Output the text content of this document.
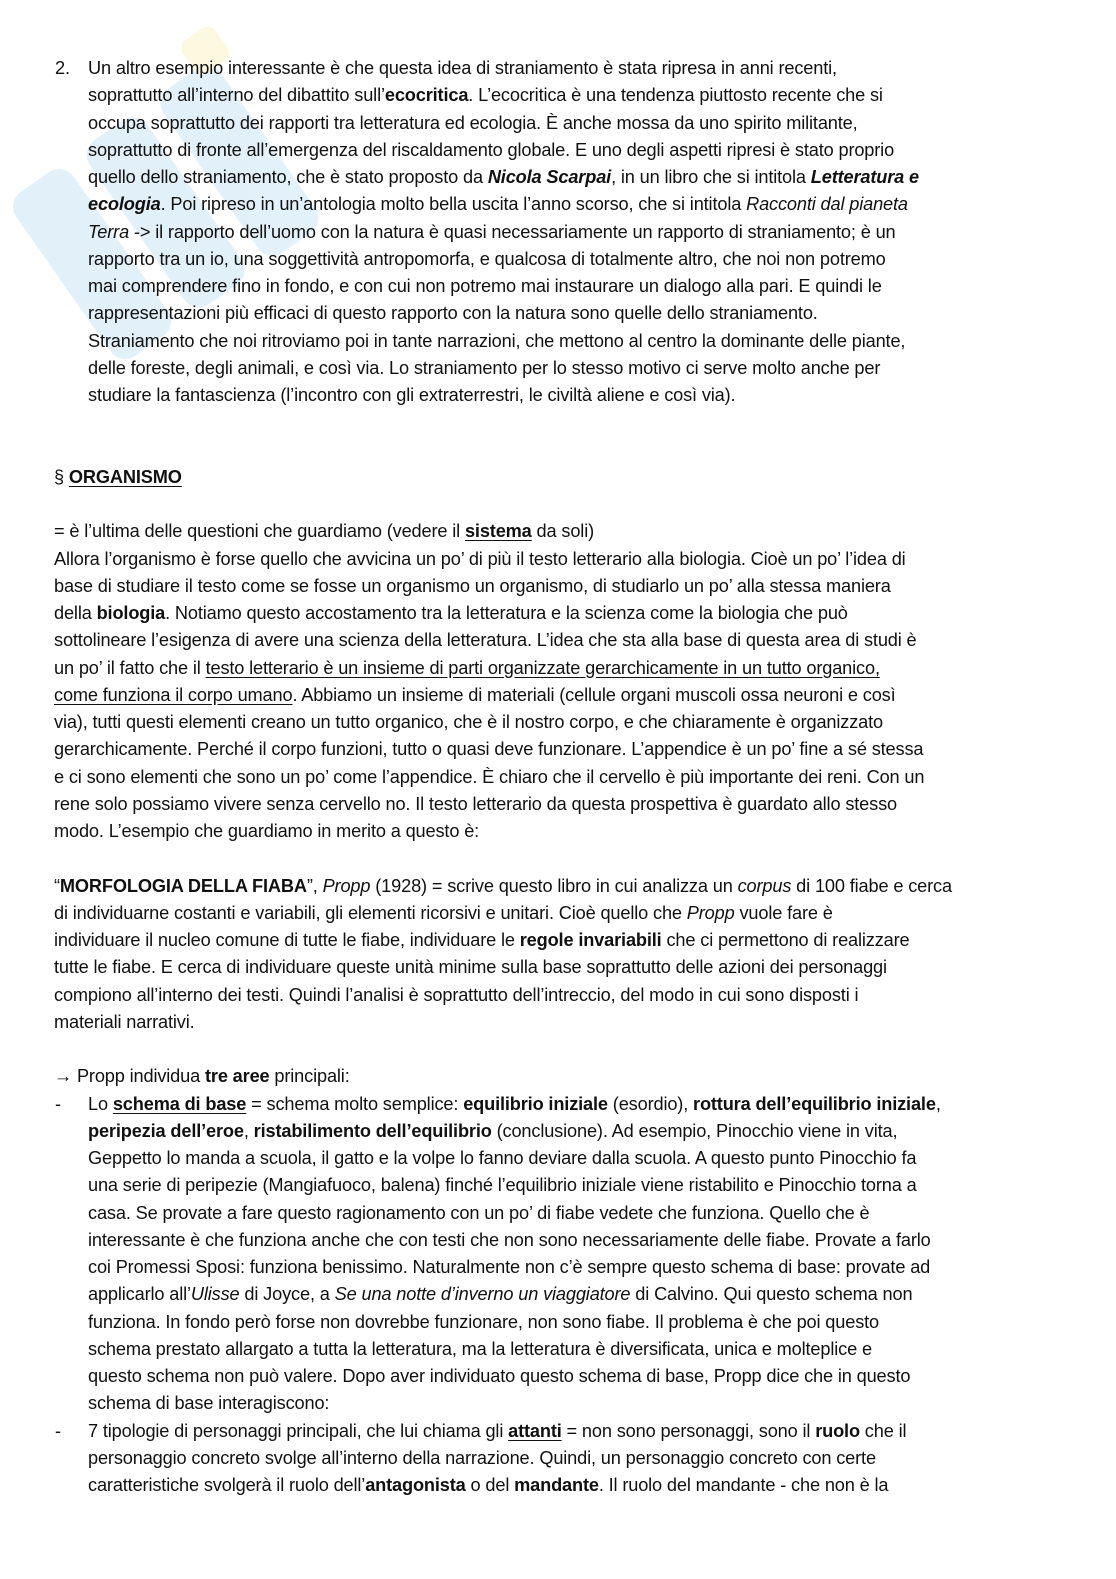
2. Un altro esempio interessante è che questa idea di straniamento è stata ripresa in anni recenti,
soprattutto all’interno del dibattito sull’ecocritica. L’ecocritica è una tendenza piuttosto recente che si
occupa soprattutto dei rapporti tra letteratura ed ecologia. È anche mossa da uno spirito militante,
soprattutto di fronte all’emergenza del riscaldamento globale. E uno degli aspetti ripresi è stato proprio
quello dello straniamento, che è stato proposto da Nicola Scarpai, in un libro che si intitola Letteratura e
ecologia. Poi ripreso in un’antologia molto bella uscita l’anno scorso, che si intitola Racconti dal pianeta
Terra -> il rapporto dell’uomo con la natura è quasi necessariamente un rapporto di straniamento; è un
rapporto tra un io, una soggettività antropomorfa, e qualcosa di totalmente altro, che noi non potremo
mai comprendere fino in fondo, e con cui non potremo mai instaurare un dialogo alla pari. E quindi le
rappresentazioni più efficaci di questo rapporto con la natura sono quelle dello straniamento.
Straniamento che noi ritroviamo poi in tante narrazioni, che mettono al centro la dominante delle piante,
delle foreste, degli animali, e così via. Lo straniamento per lo stesso motivo ci serve molto anche per
studiare la fantascienza (l’incontro con gli extraterrestri, le civiltà aliene e così via).
§ ORGANISMO
= è l’ultima delle questioni che guardiamo (vedere il sistema da soli)
Allora l’organismo è forse quello che avvicina un po’ di più il testo letterario alla biologia. Cioè un po’ l’idea di
base di studiare il testo come se fosse un organismo un organismo, di studiarlo un po’ alla stessa maniera
della biologia. Notiamo questo accostamento tra la letteratura e la scienza come la biologia che può
sottolineare l’esigenza di avere una scienza della letteratura. L’idea che sta alla base di questa area di studi è
un po’ il fatto che il testo letterario è un insieme di parti organizzate gerarchicamente in un tutto organico,
come funziona il corpo umano. Abbiamo un insieme di materiali (cellule organi muscoli ossa neuroni e così
via), tutti questi elementi creano un tutto organico, che è il nostro corpo, e che chiaramente è organizzato
gerarchicamente. Perché il corpo funzioni, tutto o quasi deve funzionare. L’appendice è un po’ fine a sé stessa
e ci sono elementi che sono un po’ come l’appendice. È chiaro che il cervello è più importante dei reni. Con un
rene solo possiamo vivere senza cervello no. Il testo letterario da questa prospettiva è guardato allo stesso
modo. L’esempio che guardiamo in merito a questo è:
“MORFOLOGIA DELLA FIABA”, Propp (1928) = scrive questo libro in cui analizza un corpus di 100 fiabe e cerca
di individuarne costanti e variabili, gli elementi ricorsivi e unitari. Cioè quello che Propp vuole fare è
individuare il nucleo comune di tutte le fiabe, individuare le regole invariabili che ci permettono di realizzare
tutte le fiabe. E cerca di individuare queste unità minime sulla base soprattutto delle azioni dei personaggi
compiono all’interno dei testi. Quindi l’analisi è soprattutto dell’intreccio, del modo in cui sono disposti i
materiali narrativi.
→ Propp individua tre aree principali:
- Lo schema di base = schema molto semplice: equilibrio iniziale (esordio), rottura dell’equilibrio iniziale,
peripezia dell’eroe, ristabilimento dell’equilibrio (conclusione). Ad esempio, Pinocchio viene in vita,
Geppetto lo manda a scuola, il gatto e la volpe lo fanno deviare dalla scuola. A questo punto Pinocchio fa
una serie di peripezie (Mangiafuoco, balena) finché l’equilibrio iniziale viene ristabilito e Pinocchio torna a
casa. Se provate a fare questo ragionamento con un po’ di fiabe vedete che funziona. Quello che è
interessante è che funziona anche che con testi che non sono necessariamente delle fiabe. Provate a farlo
coi Promessi Sposi: funziona benissimo. Naturalmente non c’è sempre questo schema di base: provate ad
applicarlo all’Ulisse di Joyce, a Se una notte d’inverno un viaggiatore di Calvino. Qui questo schema non
funziona. In fondo però forse non dovrebbe funzionare, non sono fiabe. Il problema è che poi questo
schema prestato allargato a tutta la letteratura, ma la letteratura è diversificata, unica e molteplice e
questo schema non può valere. Dopo aver individuato questo schema di base, Propp dice che in questo
schema di base interagiscono:
- 7 tipologie di personaggi principali, che lui chiama gli attanti = non sono personaggi, sono il ruolo che il
personaggio concreto svolge all’interno della narrazione. Quindi, un personaggio concreto con certe
caratteristiche svolgerà il ruolo dell’antagonista o del mandante. Il ruolo del mandante - che non è la
